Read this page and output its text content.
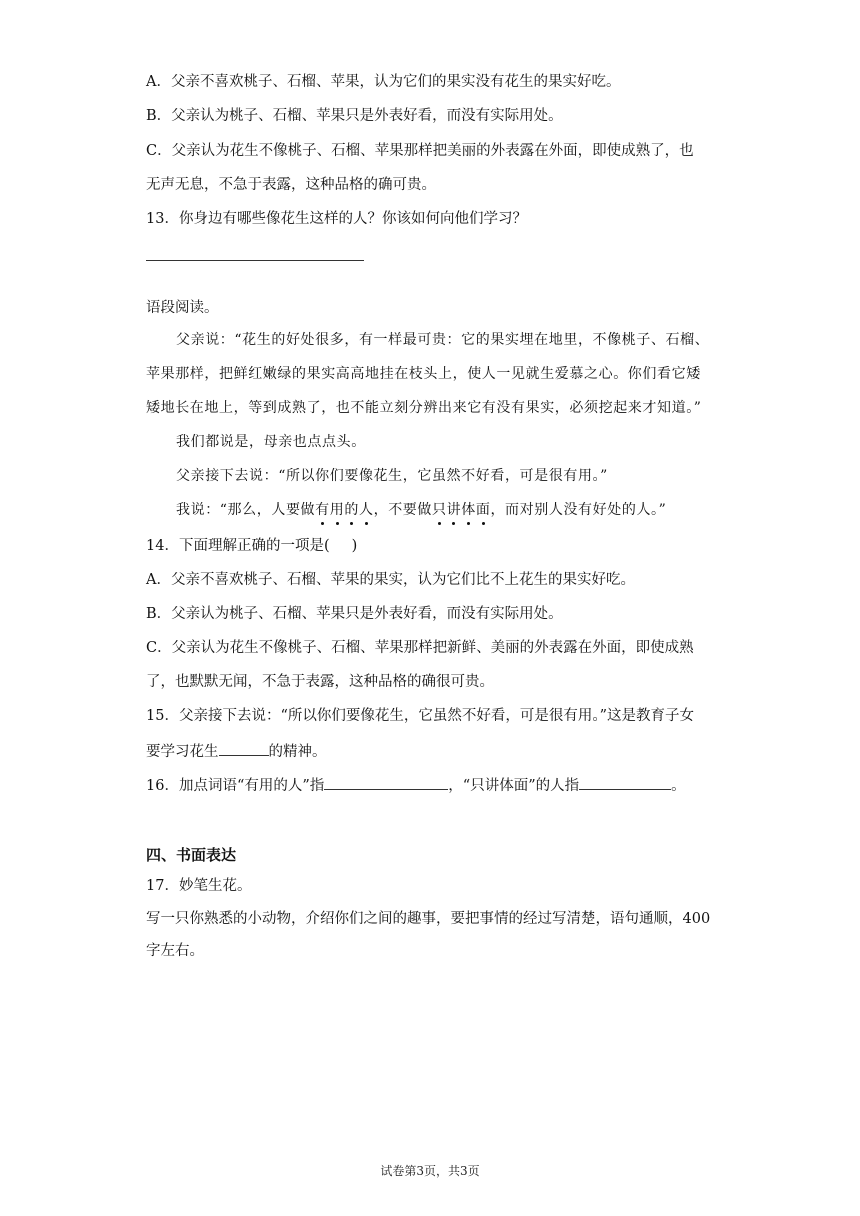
A．父亲不喜欢桃子、石榴、苹果，认为它们的果实没有花生的果实好吃。
B．父亲认为桃子、石榴、苹果只是外表好看，而没有实际用处。
C．父亲认为花生不像桃子、石榴、苹果那样把美丽的外表露在外面，即使成熟了，也
无声无息，不急于表露，这种品格的确可贵。
13．你身边有哪些像花生这样的人？你该如何向他们学习？
语段阅读。
父亲说：“花生的好处很多，有一样最可贵：它的果实埋在地里，不像桃子、石榴、
苹果那样，把鲜红嫩绿的果实高高地挂在枝头上，使人一见就生爱慕之心。你们看它矮
矮地长在地上，等到成熟了，也不能立刻分辨出来它有没有果实，必须挖起来才知道。”
我们都说是，母亲也点点头。
父亲接下去说：“所以你们要像花生，它虽然不好看，可是很有用。”
我说：“那么，人要做有用的人，不要做只讲体面，而对别人没有好处的人。”
14．下面理解正确的一项是( )
A．父亲不喜欢桃子、石榴、苹果的果实，认为它们比不上花生的果实好吃。
B．父亲认为桃子、石榴、苹果只是外表好看，而没有实际用处。
C．父亲认为花生不像桃子、石榴、苹果那样把新鲜、美丽的外表露在外面，即使成熟
了，也默默无闻，不急于表露，这种品格的确很可贵。
15．父亲接下去说：“所以你们要像花生，它虽然不好看，可是很有用。”这是教育子女
要学习花生	的精神。
16．加点词语“有用的人”指	，“只讲体面”的人指	。
四、书面表达
17．妙笔生花。
写一只你熟悉的小动物，介绍你们之间的趣事，要把事情的经过写清楚，语句通顺，400
字左右。
试卷第3页，共3页
